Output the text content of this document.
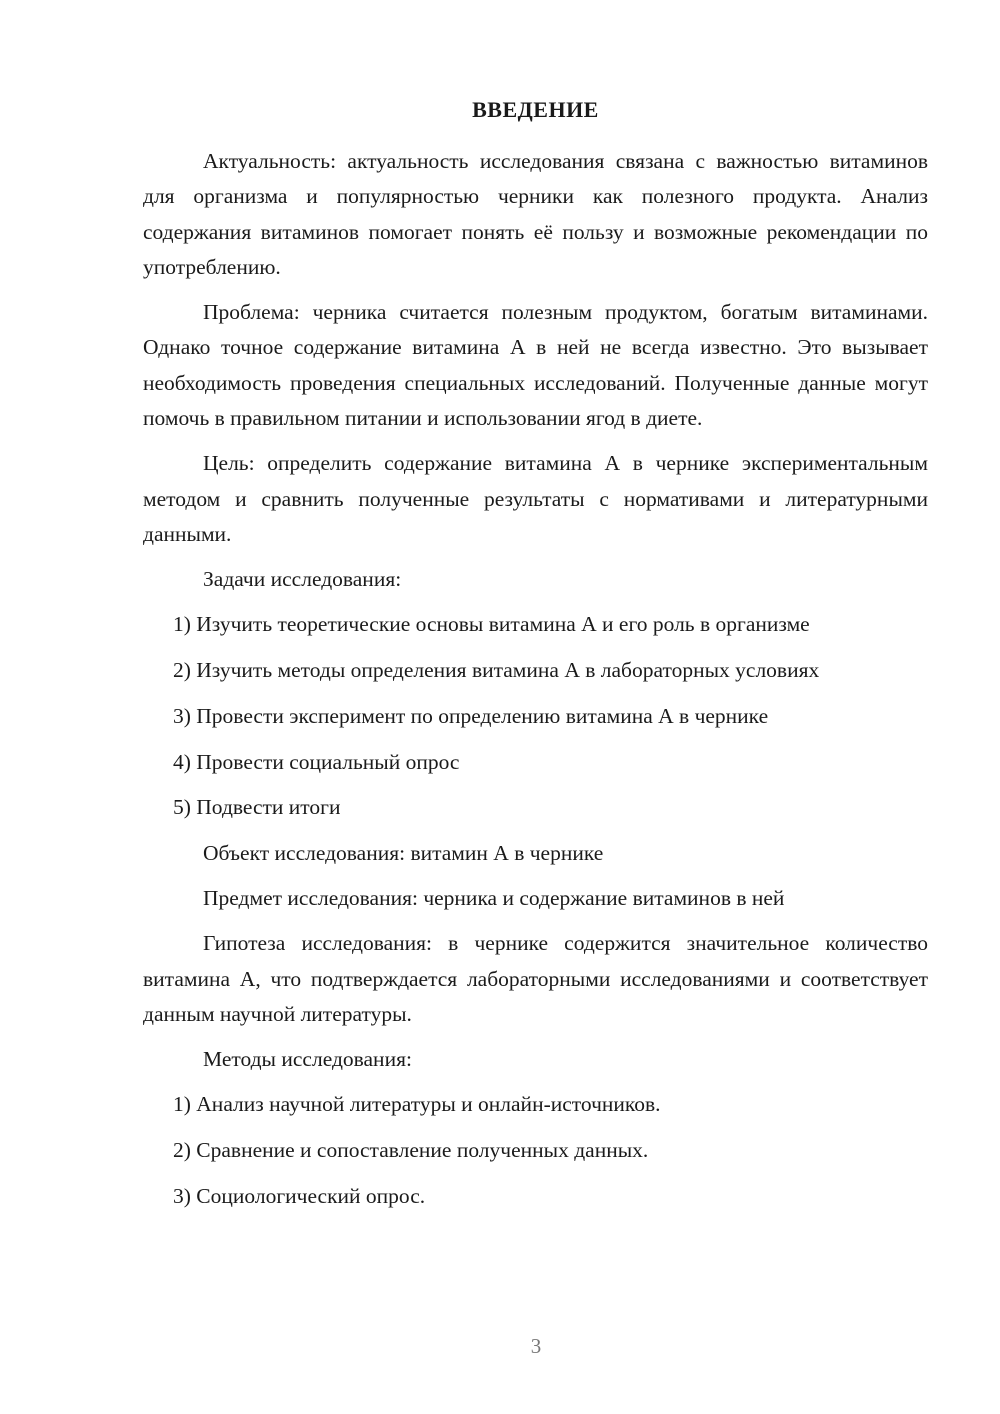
ВВЕДЕНИЕ

Актуальность: актуальность исследования связана с важностью витаминов для организма и популярностью черники как полезного продукта. Анализ содержания витаминов помогает понять её пользу и возможные рекомендации по употреблению.

Проблема: черника считается полезным продуктом, богатым витаминами. Однако точное содержание витамина А в ней не всегда известно. Это вызывает необходимость проведения специальных исследований. Полученные данные могут помочь в правильном питании и использовании ягод в диете.

Цель: определить содержание витамина А в чернике экспериментальным методом и сравнить полученные результаты с нормативами и литературными данными.

Задачи исследования:

1) Изучить теоретические основы витамина А и его роль в организме
2) Изучить методы определения витамина А в лабораторных условиях
3) Провести эксперимент по определению витамина А в чернике
4) Провести социальный опрос
5) Подвести итоги

Объект исследования: витамин А в чернике

Предмет исследования: черника и содержание витаминов в ней

Гипотеза исследования: в чернике содержится значительное количество витамина А, что подтверждается лабораторными исследованиями и соответствует данным научной литературы.

Методы исследования:

1) Анализ научной литературы и онлайн-источников.
2) Сравнение и сопоставление полученных данных.
3) Социологический опрос.
3
